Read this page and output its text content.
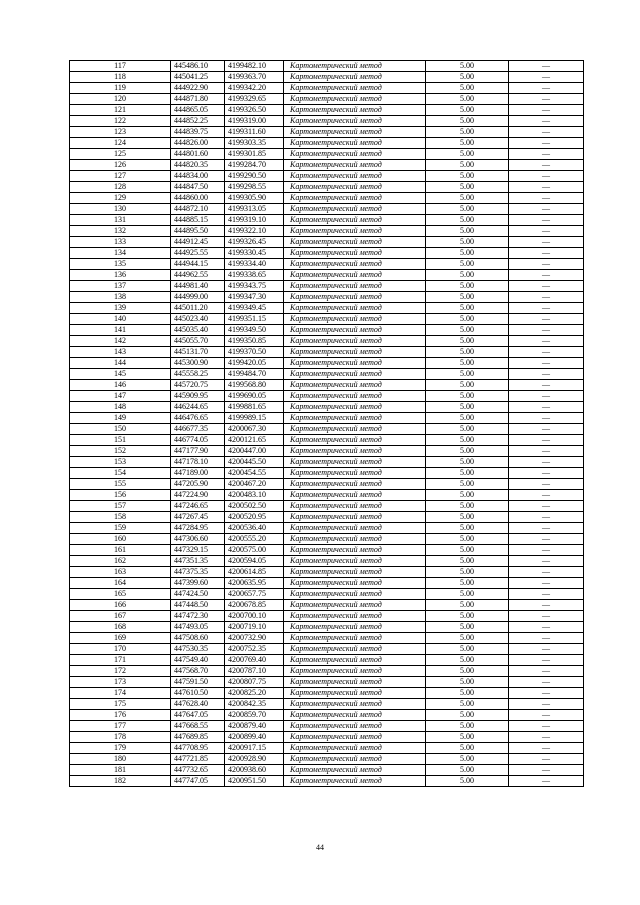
117	445486.10	4199482.10	Картометрический метод	5.00	—
118	445041.25	4199363.70	Картометрический метод	5.00	—
119	444922.90	4199342.20	Картометрический метод	5.00	—
120	444871.80	4199329.65	Картометрический метод	5.00	—
121	444865.05	4199326.50	Картометрический метод	5.00	—
122	444852.25	4199319.00	Картометрический метод	5.00	—
123	444839.75	4199311.60	Картометрический метод	5.00	—
124	444826.00	4199303.35	Картометрический метод	5.00	—
125	444801.60	4199301.85	Картометрический метод	5.00	—
126	444820.35	4199284.70	Картометрический метод	5.00	—
127	444834.00	4199290.50	Картометрический метод	5.00	—
128	444847.50	4199298.55	Картометрический метод	5.00	—
129	444860.00	4199305.90	Картометрический метод	5.00	—
130	444872.10	4199313.05	Картометрический метод	5.00	—
131	444885.15	4199319.10	Картометрический метод	5.00	—
132	444895.50	4199322.10	Картометрический метод	5.00	—
133	444912.45	4199326.45	Картометрический метод	5.00	—
134	444925.55	4199330.45	Картометрический метод	5.00	—
135	444944.15	4199334.40	Картометрический метод	5.00	—
136	444962.55	4199338.65	Картометрический метод	5.00	—
137	444981.40	4199343.75	Картометрический метод	5.00	—
138	444999.00	4199347.30	Картометрический метод	5.00	—
139	445011.20	4199349.45	Картометрический метод	5.00	—
140	445023.40	4199351.15	Картометрический метод	5.00	—
141	445035.40	4199349.50	Картометрический метод	5.00	—
142	445055.70	4199350.85	Картометрический метод	5.00	—
143	445131.70	4199370.50	Картометрический метод	5.00	—
144	445300.90	4199420.05	Картометрический метод	5.00	—
145	445558.25	4199484.70	Картометрический метод	5.00	—
146	445720.75	4199568.80	Картометрический метод	5.00	—
147	445909.95	4199690.05	Картометрический метод	5.00	—
148	446244.65	4199881.65	Картометрический метод	5.00	—
149	446476.65	4199989.15	Картометрический метод	5.00	—
150	446677.35	4200067.30	Картометрический метод	5.00	—
151	446774.05	4200121.65	Картометрический метод	5.00	—
152	447177.90	4200447.00	Картометрический метод	5.00	—
153	447178.10	4200445.50	Картометрический метод	5.00	—
154	447189.00	4200454.55	Картометрический метод	5.00	—
155	447205.90	4200467.20	Картометрический метод	5.00	—
156	447224.90	4200483.10	Картометрический метод	5.00	—
157	447246.65	4200502.50	Картометрический метод	5.00	—
158	447267.45	4200520.95	Картометрический метод	5.00	—
159	447284.95	4200536.40	Картометрический метод	5.00	—
160	447306.60	4200555.20	Картометрический метод	5.00	—
161	447329.15	4200575.00	Картометрический метод	5.00	—
162	447351.35	4200594.05	Картометрический метод	5.00	—
163	447375.35	4200614.85	Картометрический метод	5.00	—
164	447399.60	4200635.95	Картометрический метод	5.00	—
165	447424.50	4200657.75	Картометрический метод	5.00	—
166	447448.50	4200678.85	Картометрический метод	5.00	—
167	447472.30	4200700.10	Картометрический метод	5.00	—
168	447493.05	4200719.10	Картометрический метод	5.00	—
169	447508.60	4200732.90	Картометрический метод	5.00	—
170	447530.35	4200752.35	Картометрический метод	5.00	—
171	447549.40	4200769.40	Картометрический метод	5.00	—
172	447568.70	4200787.10	Картометрический метод	5.00	—
173	447591.50	4200807.75	Картометрический метод	5.00	—
174	447610.50	4200825.20	Картометрический метод	5.00	—
175	447628.40	4200842.35	Картометрический метод	5.00	—
176	447647.05	4200859.70	Картометрический метод	5.00	—
177	447668.55	4200879.40	Картометрический метод	5.00	—
178	447689.85	4200899.40	Картометрический метод	5.00	—
179	447708.95	4200917.15	Картометрический метод	5.00	—
180	447721.85	4200928.90	Картометрический метод	5.00	—
181	447732.65	4200938.60	Картометрический метод	5.00	—
182	447747.05	4200951.50	Картометрический метод	5.00	—
44
